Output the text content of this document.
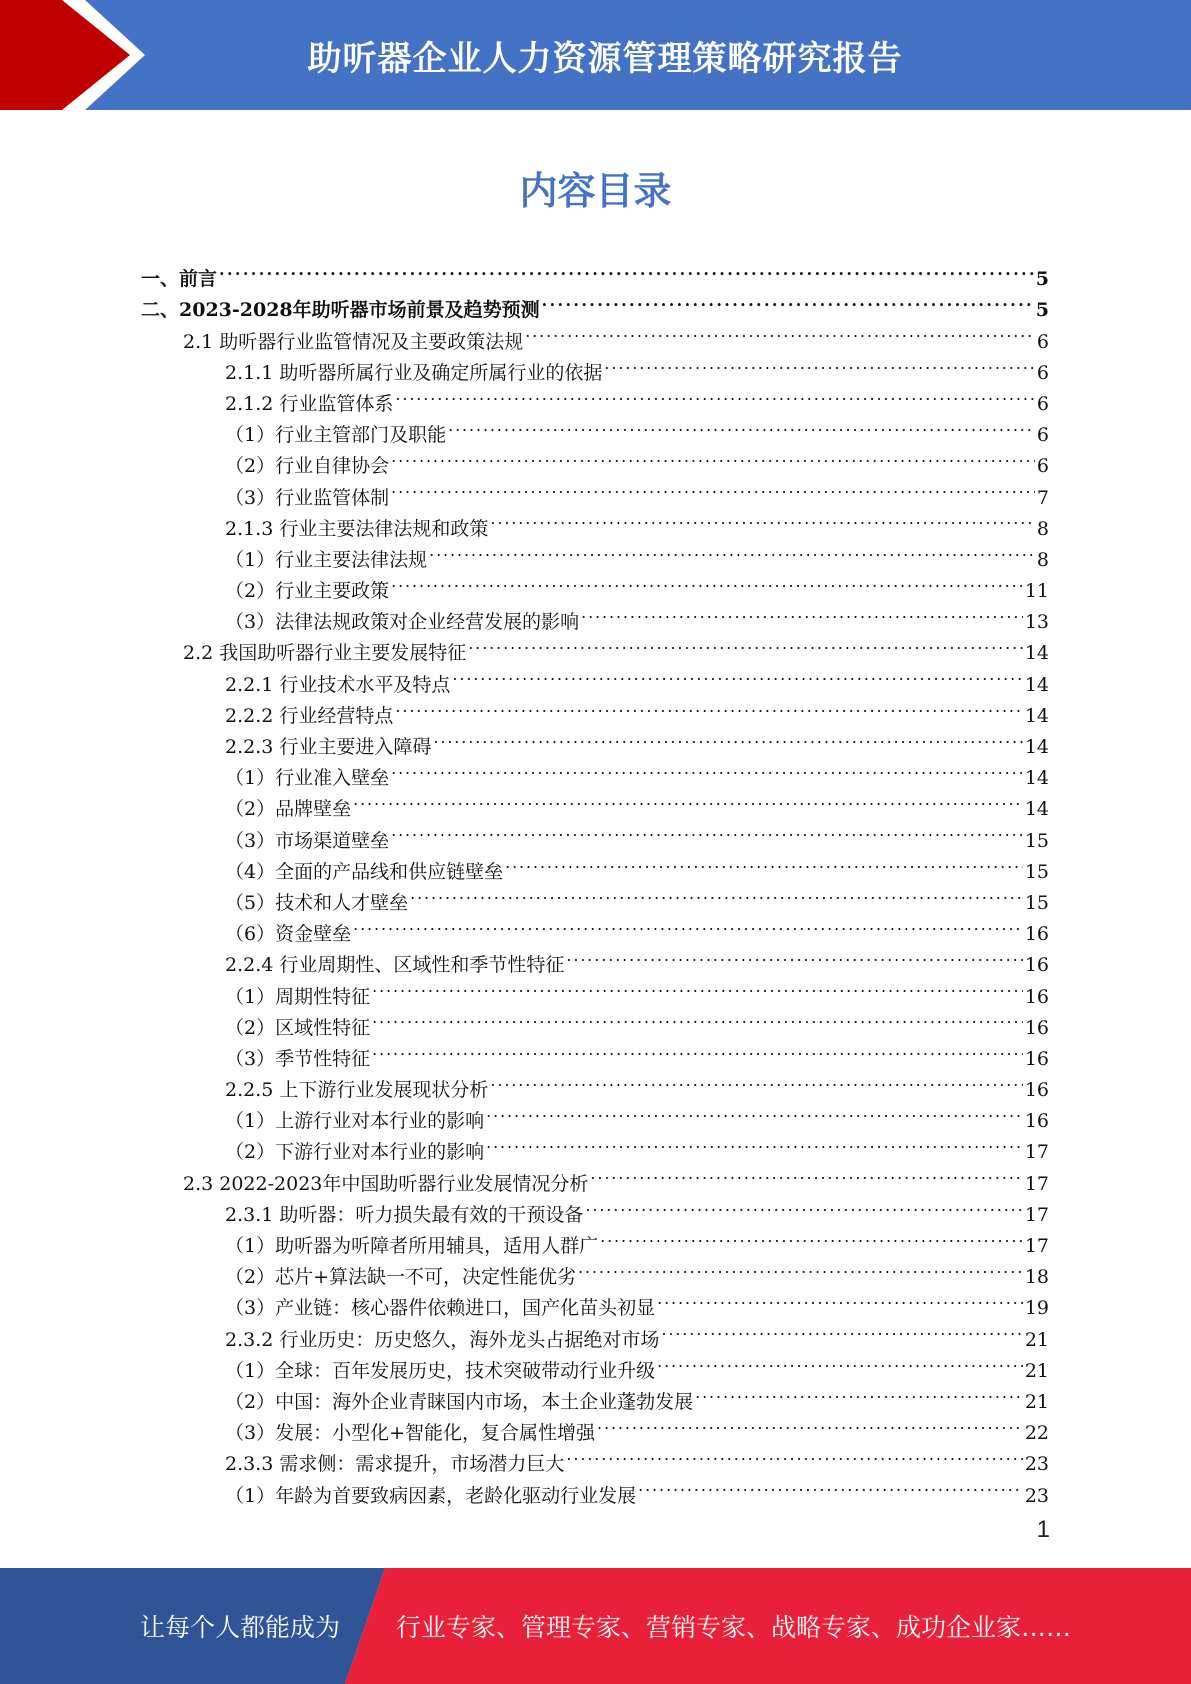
助听器企业人力资源管理策略研究报告
内容目录
一、前言 . . .	5
二、2023-2028年助听器市场前景及趋势预测 . . .	5
2.1 助听器行业监管情况及主要政策法规 . . .	6
2.1.1 助听器所属行业及确定所属行业的依据 . . .	6
2.1.2 行业监管体系 . . .	6
（1）行业主管部门及职能 . . .	6
（2）行业自律协会 . . .	6
（3）行业监管体制 . . .	7
2.1.3 行业主要法律法规和政策 . . .	8
（1）行业主要法律法规 . . .	8
（2）行业主要政策 . . .	11
（3）法律法规政策对企业经营发展的影响 . . .	13
2.2 我国助听器行业主要发展特征 . . .	14
2.2.1 行业技术水平及特点 . . .	14
2.2.2 行业经营特点 . . .	14
2.2.3 行业主要进入障碍 . . .	14
（1）行业准入壁垒 . . .	14
（2）品牌壁垒 . . .	14
（3）市场渠道壁垒 . . .	15
（4）全面的产品线和供应链壁垒 . . .	15
（5）技术和人才壁垒 . . .	15
（6）资金壁垒 . . .	16
2.2.4 行业周期性、区域性和季节性特征 . . .	16
（1）周期性特征 . . .	16
（2）区域性特征 . . .	16
（3）季节性特征 . . .	16
2.2.5 上下游行业发展现状分析 . . .	16
（1）上游行业对本行业的影响 . . .	16
（2）下游行业对本行业的影响 . . .	17
2.3 2022-2023年中国助听器行业发展情况分析 . . .	17
2.3.1 助听器：听力损失最有效的干预设备 . . .	17
（1）助听器为听障者所用辅具，适用人群广 . . .	17
（2）芯片+算法缺一不可，决定性能优劣 . . .	18
（3）产业链：核心器件依赖进口，国产化苗头初显 . . .	19
2.3.2 行业历史：历史悠久，海外龙头占据绝对市场 . . .	21
（1）全球：百年发展历史，技术突破带动行业升级 . . .	21
（2）中国：海外企业青睐国内市场，本土企业蓬勃发展 . . .	21
（3）发展：小型化+智能化，复合属性增强 . . .	22
2.3.3 需求侧：需求提升，市场潜力巨大 . . .	23
（1）年龄为首要致病因素，老龄化驱动行业发展 . . .	23
1
让每个人都能成为	行业专家、管理专家、营销专家、战略专家、成功企业家……
